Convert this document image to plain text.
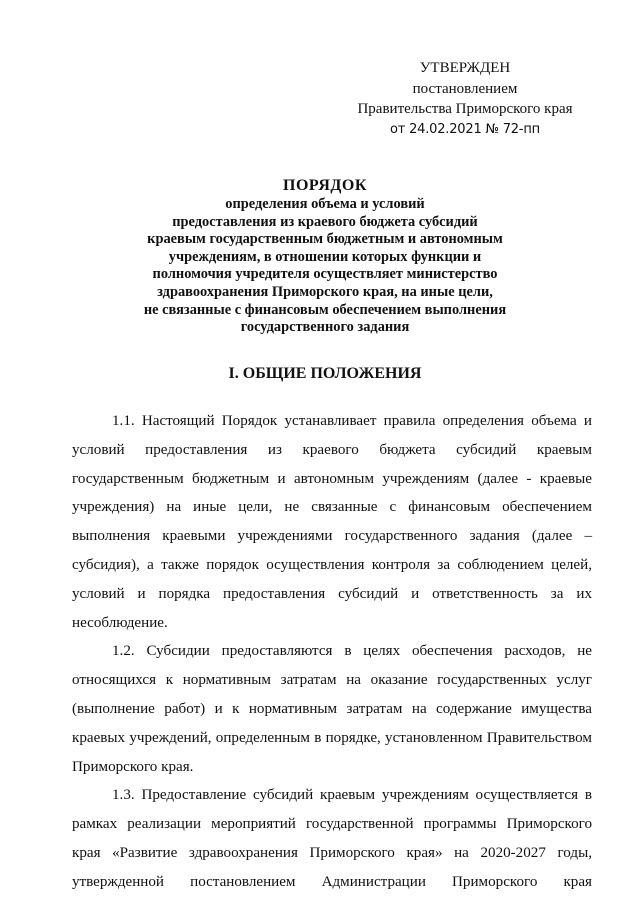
УТВЕРЖДЕН
постановлением
Правительства Приморского края
от 24.02.2021 № 72-пп
ПОРЯДОК
определения объема и условий
предоставления из краевого бюджета субсидий
краевым государственным бюджетным и автономным
учреждениям, в отношении которых функции и
полномочия учредителя осуществляет министерство
здравоохранения Приморского края, на иные цели,
не связанные с финансовым обеспечением выполнения
государственного задания
I. ОБЩИЕ ПОЛОЖЕНИЯ

1.1. Настоящий Порядок устанавливает правила определения объема и условий предоставления из краевого бюджета субсидий краевым государственным бюджетным и автономным учреждениям (далее - краевые учреждения) на иные цели, не связанные с финансовым обеспечением выполнения краевыми учреждениями государственного задания (далее – субсидия), а также порядок осуществления контроля за соблюдением целей, условий и порядка предоставления субсидий и ответственность за их несоблюдение.

1.2. Субсидии предоставляются в целях обеспечения расходов, не относящихся к нормативным затратам на оказание государственных услуг (выполнение работ) и к нормативным затратам на содержание имущества краевых учреждений, определенным в порядке, установленном Правительством Приморского края.

1.3. Предоставление субсидий краевым учреждениям осуществляется в рамках реализации мероприятий государственной программы Приморского края «Развитие здравоохранения Приморского края» на 2020-2027 годы, утвержденной постановлением Администрации Приморского края
